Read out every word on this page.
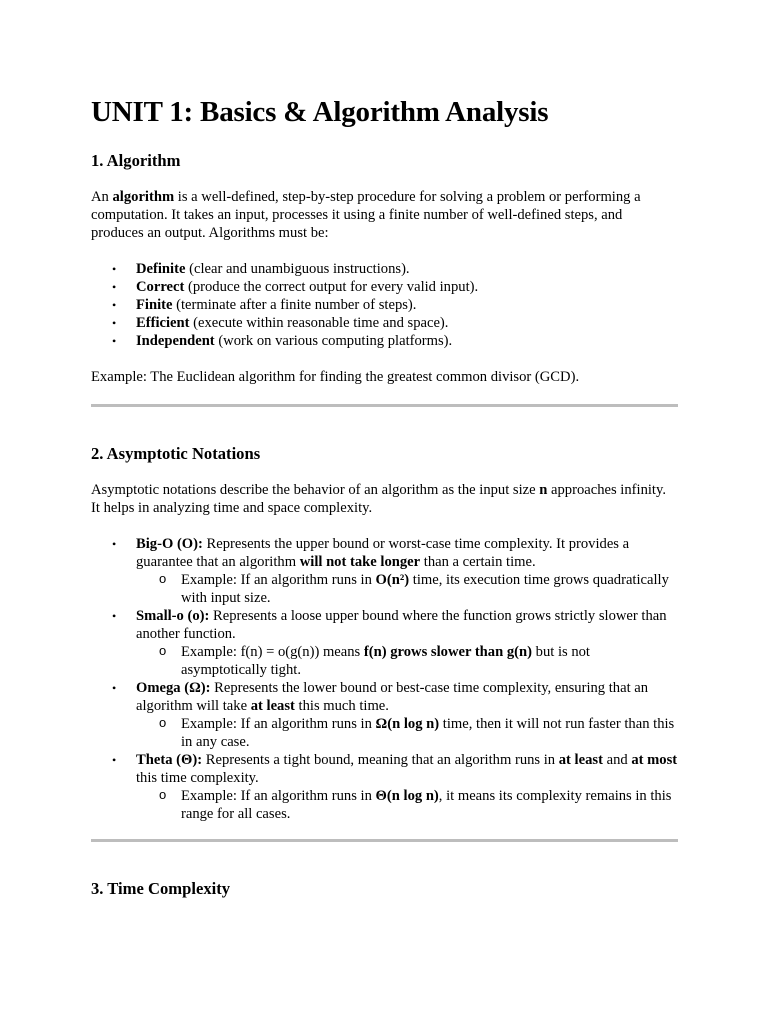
UNIT 1: Basics & Algorithm Analysis
1. Algorithm

An algorithm is a well-defined, step-by-step procedure for solving a problem or performing a computation. It takes an input, processes it using a finite number of well-defined steps, and produces an output. Algorithms must be:

• Definite (clear and unambiguous instructions).
• Correct (produce the correct output for every valid input).
• Finite (terminate after a finite number of steps).
• Efficient (execute within reasonable time and space).
• Independent (work on various computing platforms).

Example: The Euclidean algorithm for finding the greatest common divisor (GCD).

2. Asymptotic Notations

Asymptotic notations describe the behavior of an algorithm as the input size n approaches infinity. It helps in analyzing time and space complexity.

• Big-O (O): Represents the upper bound or worst-case time complexity. It provides a guarantee that an algorithm will not take longer than a certain time.
o Example: If an algorithm runs in O(n²) time, its execution time grows quadratically with input size.
• Small-o (o): Represents a loose upper bound where the function grows strictly slower than another function.
o Example: f(n) = o(g(n)) means f(n) grows slower than g(n) but is not asymptotically tight.
• Omega (Ω): Represents the lower bound or best-case time complexity, ensuring that an algorithm will take at least this much time.
o Example: If an algorithm runs in Ω(n log n) time, then it will not run faster than this in any case.
• Theta (Θ): Represents a tight bound, meaning that an algorithm runs in at least and at most this time complexity.
o Example: If an algorithm runs in Θ(n log n), it means its complexity remains in this range for all cases.
3. Time Complexity
